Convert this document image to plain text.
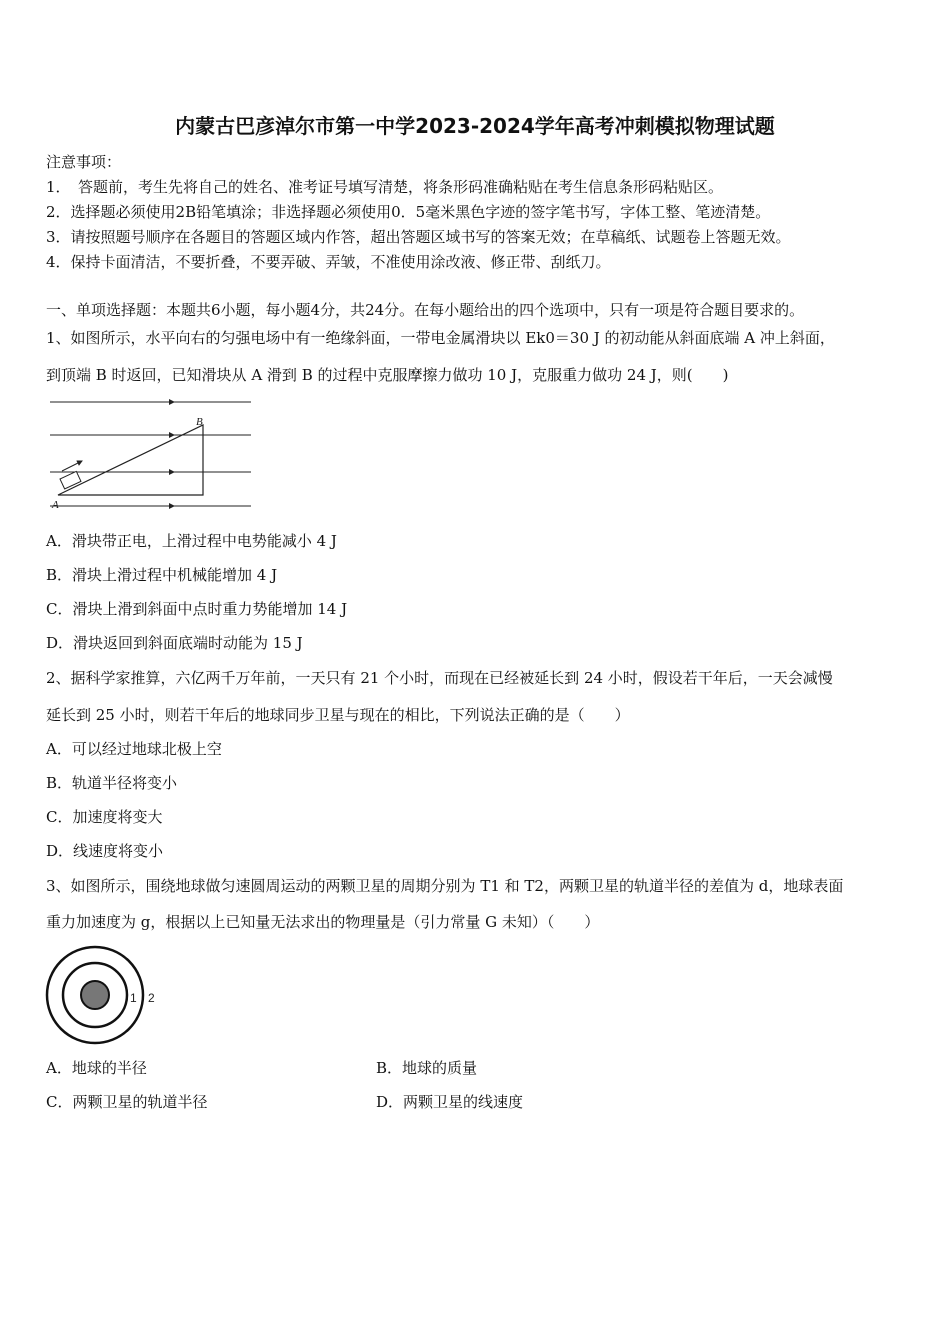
内蒙古巴彦淖尔市第一中学2023-2024学年高考冲刺模拟物理试题
注意事项：
1．　答题前，考生先将自己的姓名、准考证号填写清楚，将条形码准确粘贴在考生信息条形码粘贴区。
2．选择题必须使用2B铅笔填涂；非选择题必须使用0．5毫米黑色字迹的签字笔书写，字体工整、笔迹清楚。
3．请按照题号顺序在各题目的答题区域内作答，超出答题区域书写的答案无效；在草稿纸、试题卷上答题无效。
4．保持卡面清洁，不要折叠，不要弄破、弄皱，不准使用涂改液、修正带、刮纸刀。
一、单项选择题：本题共6小题，每小题4分，共24分。在每小题给出的四个选项中，只有一项是符合题目要求的。
1、如图所示，水平向右的匀强电场中有一绝缘斜面，一带电金属滑块以 Ek0＝30 J 的初动能从斜面底端 A 冲上斜面，
到顶端 B 时返回，已知滑块从 A 滑到 B 的过程中克服摩擦力做功 10 J，克服重力做功 24 J，则(　　)
B
A
A．滑块带正电，上滑过程中电势能减小 4 J
B．滑块上滑过程中机械能增加 4 J
C．滑块上滑到斜面中点时重力势能增加 14 J
D．滑块返回到斜面底端时动能为 15 J
2、据科学家推算，六亿两千万年前，一天只有 21 个小时，而现在已经被延长到 24 小时，假设若干年后，一天会减慢
延长到 25 小时，则若干年后的地球同步卫星与现在的相比，下列说法正确的是（　　）
A．可以经过地球北极上空
B．轨道半径将变小
C．加速度将变大
D．线速度将变小
3、如图所示，围绕地球做匀速圆周运动的两颗卫星的周期分别为 T1 和 T2，两颗卫星的轨道半径的差值为 d，地球表面
重力加速度为 g，根据以上已知量无法求出的物理量是（引力常量 G 未知）（　　）
1 2
A．地球的半径	B．地球的质量
C．两颗卫星的轨道半径	D．两颗卫星的线速度
